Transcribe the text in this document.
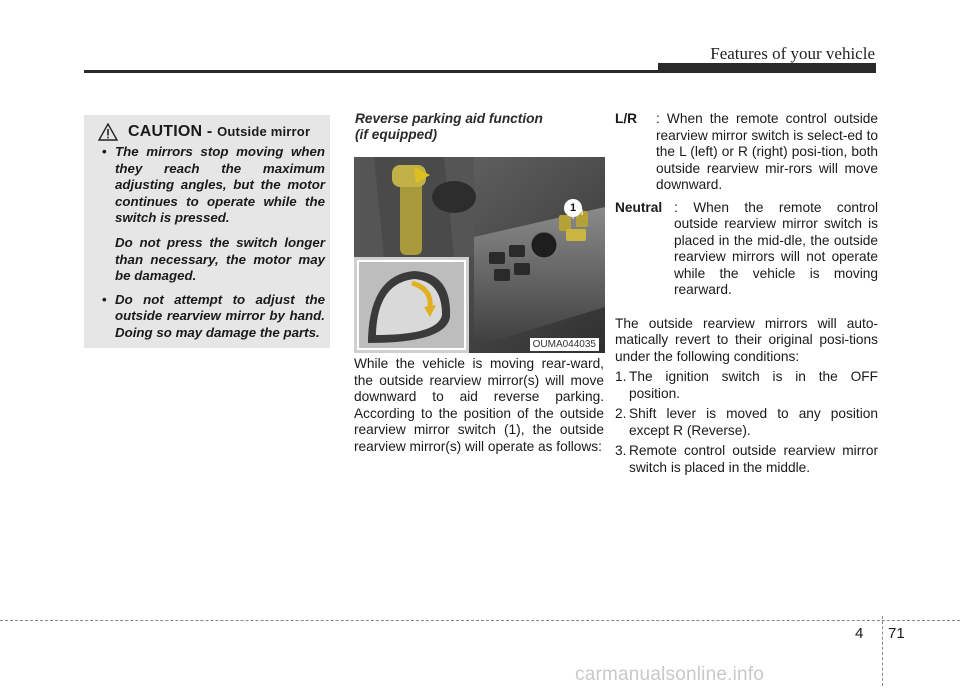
Features of your vehicle
CAUTION - Outside mirror
• The mirrors stop moving when they reach the maximum adjusting angles, but the motor continues to operate while the switch is pressed.

Do not press the switch longer than necessary, the motor may be damaged.

• Do not attempt to adjust the outside rearview mirror by hand. Doing so may damage the parts.

Reverse parking aid function
(if equipped)
1
OUMA044035

While the vehicle is moving rear-ward, the outside rearview mirror(s) will move downward to aid reverse parking. According to the position of the outside rearview mirror switch (1), the outside rearview mirror(s) will operate as follows:

L/R : When the remote control outside rearview mirror switch is select-ed to the L (left) or R (right) posi-tion, both outside rearview mir-rors will move downward.
Neutral : When the remote control outside rearview mirror switch is placed in the mid-dle, the outside rearview mirrors will not operate while the vehicle is moving rearward.

The outside rearview mirrors will auto-matically revert to their original posi-tions under the following conditions:

1. The ignition switch is in the OFF position.
2. Shift lever is moved to any position except R (Reverse).
3. Remote control outside rearview mirror switch is placed in the middle.
4 71
carmanualsonline.info
